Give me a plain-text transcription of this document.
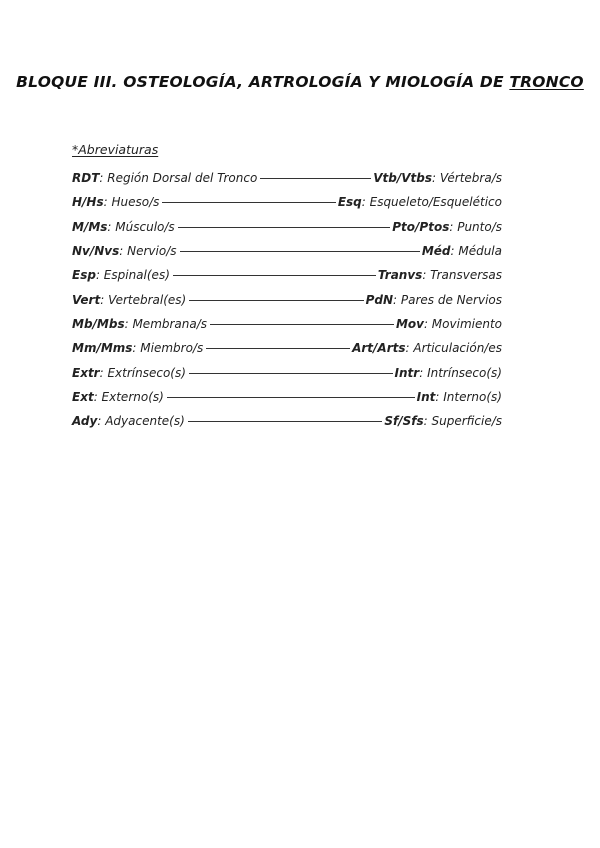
BLOQUE III. OSTEOLOGÍA, ARTROLOGÍA Y MIOLOGÍA DE TRONCO
*Abreviaturas
RDT: Región Dorsal del Tronco	Vtb/Vtbs: Vértebra/s
H/Hs: Hueso/s	Esq: Esqueleto/Esquelético
M/Ms: Músculo/s	Pto/Ptos: Punto/s
Nv/Nvs: Nervio/s	Méd: Médula
Esp: Espinal(es)	Tranvs: Transversas
Vert: Vertebral(es)	PdN: Pares de Nervios
Mb/Mbs: Membrana/s	Mov: Movimiento
Mm/Mms: Miembro/s	Art/Arts: Articulación/es
Extr: Extrínseco(s)	Intr: Intrínseco(s)
Ext: Externo(s)	Int: Interno(s)
Ady: Adyacente(s)	Sf/Sfs: Superficie/s
